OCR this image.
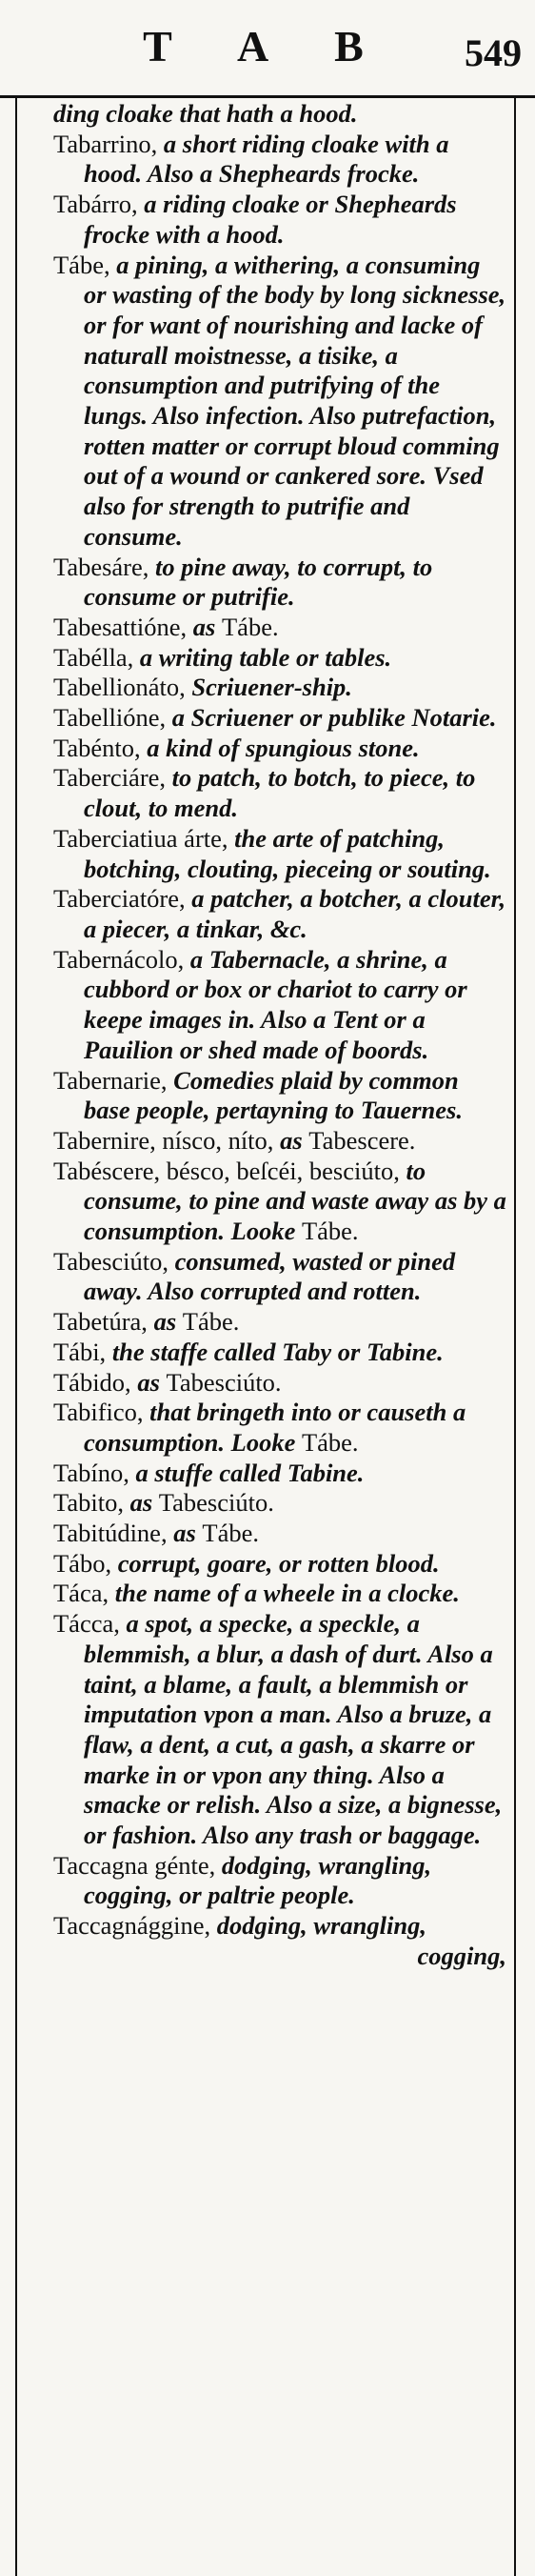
T A B	549
ding cloake that hath a hood.
Tabarrino, a short riding cloake with a hood. Also a Shepheards frocke.
Tabárro, a riding cloake or Shepheards frocke with a hood.
Tábe, a pining, a withering, a consuming or wasting of the body by long sicknesse, or for want of nourishing and lacke of naturall moistnesse, a tisike, a consumption and putrifying of the lungs. Also infection. Also putrefaction, rotten matter or corrupt bloud comming out of a wound or cankered sore. Vsed also for strength to putrifie and consume.
Tabesáre, to pine away, to corrupt, to consume or putrifie.
Tabesattióne, as Tábe.
Tabélla, a writing table or tables.
Tabellionáto, Scriuener-ship.
Tabellióne, a Scriuener or publike Notarie.
Tabénto, a kind of spungious stone.
Taberciáre, to patch, to botch, to piece, to clout, to mend.
Taberciatiua árte, the arte of patching, botching, clouting, pieceing or souting.
Taberciatóre, a patcher, a botcher, a clouter, a piecer, a tinkar, &c.
Tabernácolo, a Tabernacle, a shrine, a cubbord or box or chariot to carry or keepe images in. Also a Tent or a Pauilion or shed made of boords.
Tabernarie, Comedies plaid by common base people, pertayning to Tauernes.
Tabernire, nísco, níto, as Tabescere.
Tabéscere, bésco, beſcéi, besciúto, to consume, to pine and waste away as by a consumption. Looke Tábe.
Tabesciúto, consumed, wasted or pined away. Also corrupted and rotten.
Tabetúra, as Tábe.
Tábi, the staffe called Taby or Tabine.
Tábido, as Tabesciúto.
Tabifico, that bringeth into or causeth a consumption. Looke Tábe.
Tabíno, a stuffe called Tabine.
Tabito, as Tabesciúto.
Tabitúdine, as Tábe.
Tábo, corrupt, goare, or rotten blood.
Táca, the name of a wheele in a clocke.
Tácca, a spot, a specke, a speckle, a blemmish, a blur, a dash of durt. Also a taint, a blame, a fault, a blemmish or imputation vpon a man. Also a bruze, a flaw, a dent, a cut, a gash, a skarre or marke in or vpon any thing. Also a smacke or relish. Also a size, a bignesse, or fashion. Also any trash or baggage.
Taccagna génte, dodging, wrangling, cogging, or paltrie people.
Taccagnággine, dodging, wrangling,
cogging,
